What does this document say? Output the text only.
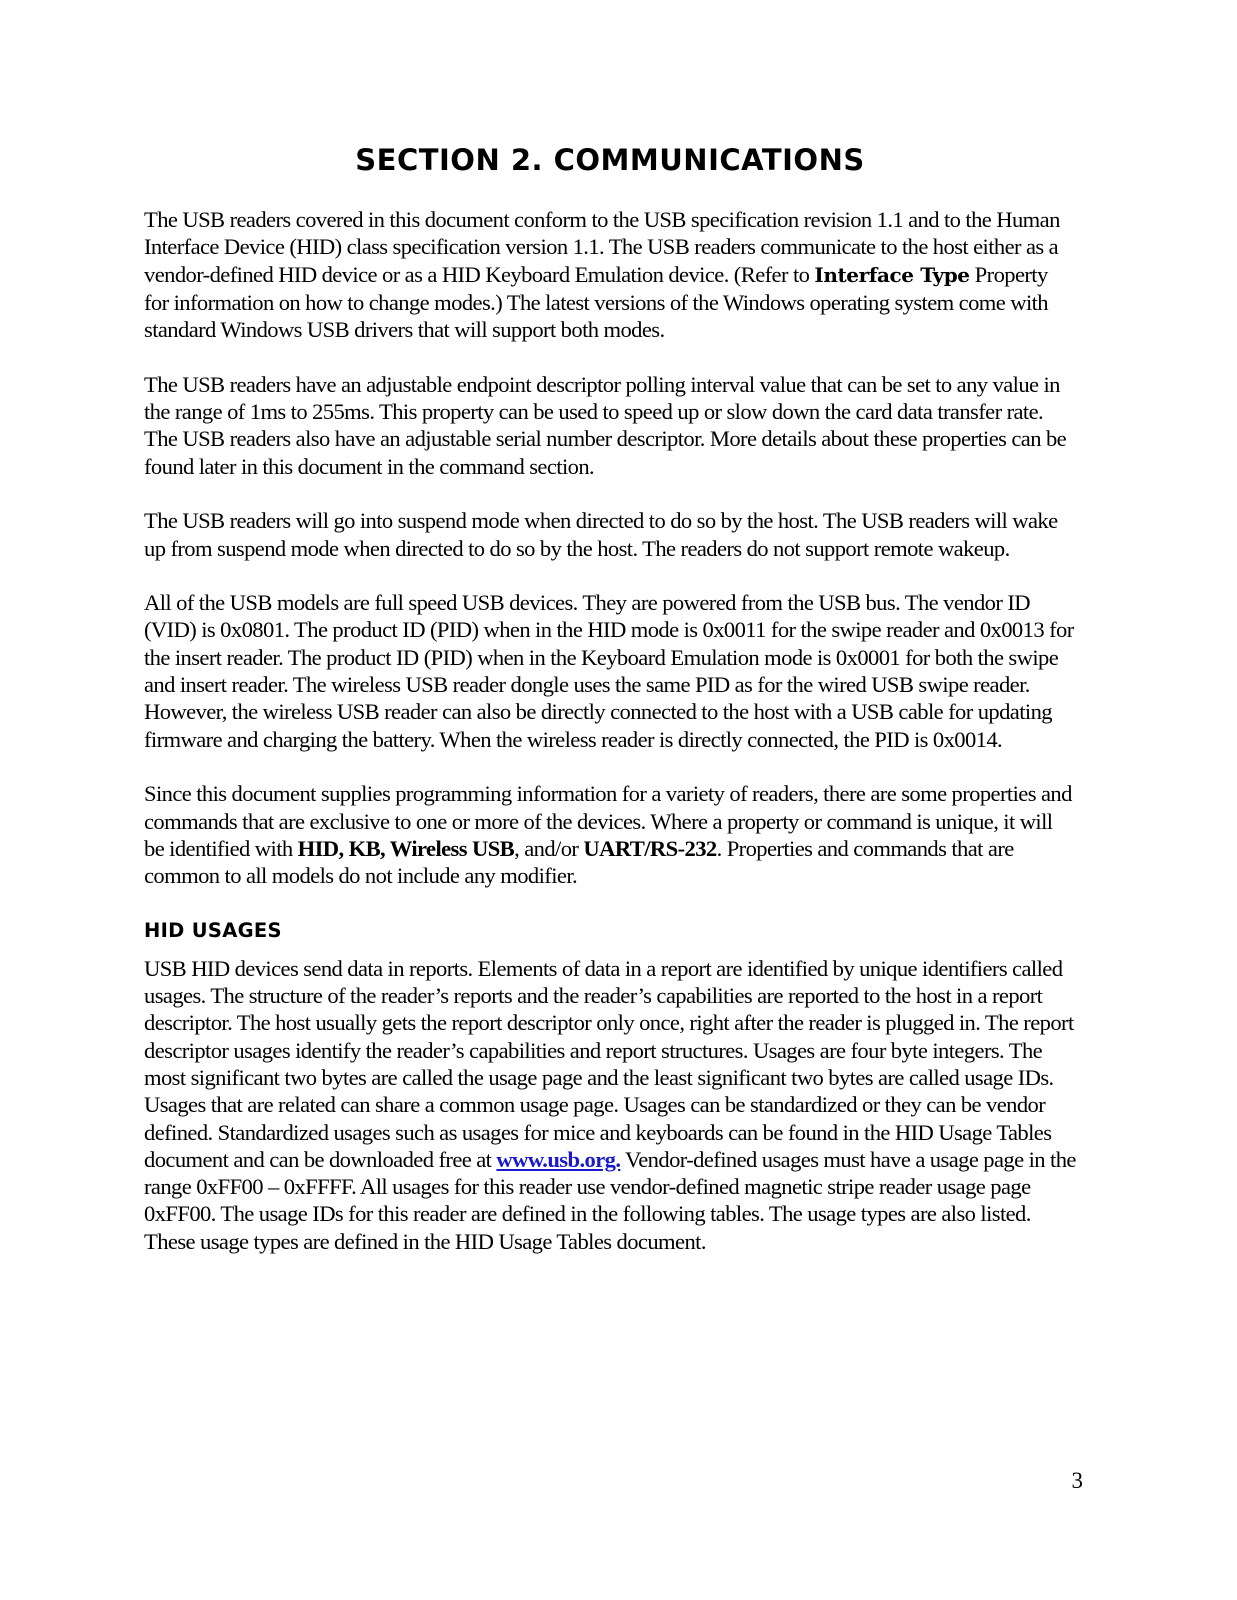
SECTION 2. COMMUNICATIONS

The USB readers covered in this document conform to the USB specification revision 1.1 and to the Human Interface Device (HID) class specification version 1.1. The USB readers communicate to the host either as a vendor-defined HID device or as a HID Keyboard Emulation device. (Refer to Interface Type Property for information on how to change modes.) The latest versions of the Windows operating system come with standard Windows USB drivers that will support both modes.

The USB readers have an adjustable endpoint descriptor polling interval value that can be set to any value in the range of 1ms to 255ms. This property can be used to speed up or slow down the card data transfer rate. The USB readers also have an adjustable serial number descriptor. More details about these properties can be found later in this document in the command section.

The USB readers will go into suspend mode when directed to do so by the host. The USB readers will wake up from suspend mode when directed to do so by the host. The readers do not support remote wakeup.

All of the USB models are full speed USB devices. They are powered from the USB bus. The vendor ID (VID) is 0x0801. The product ID (PID) when in the HID mode is 0x0011 for the swipe reader and 0x0013 for the insert reader. The product ID (PID) when in the Keyboard Emulation mode is 0x0001 for both the swipe and insert reader. The wireless USB reader dongle uses the same PID as for the wired USB swipe reader. However, the wireless USB reader can also be directly connected to the host with a USB cable for updating firmware and charging the battery. When the wireless reader is directly connected, the PID is 0x0014.

Since this document supplies programming information for a variety of readers, there are some properties and commands that are exclusive to one or more of the devices. Where a property or command is unique, it will be identified with HID, KB, Wireless USB, and/or UART/RS-232. Properties and commands that are common to all models do not include any modifier.

HID USAGES

USB HID devices send data in reports. Elements of data in a report are identified by unique identifiers called usages. The structure of the reader’s reports and the reader’s capabilities are reported to the host in a report descriptor. The host usually gets the report descriptor only once, right after the reader is plugged in. The report descriptor usages identify the reader’s capabilities and report structures. Usages are four byte integers. The most significant two bytes are called the usage page and the least significant two bytes are called usage IDs. Usages that are related can share a common usage page. Usages can be standardized or they can be vendor defined. Standardized usages such as usages for mice and keyboards can be found in the HID Usage Tables document and can be downloaded free at www.usb.org. Vendor-defined usages must have a usage page in the range 0xFF00 – 0xFFFF. All usages for this reader use vendor-defined magnetic stripe reader usage page 0xFF00. The usage IDs for this reader are defined in the following tables. The usage types are also listed. These usage types are defined in the HID Usage Tables document.

3
